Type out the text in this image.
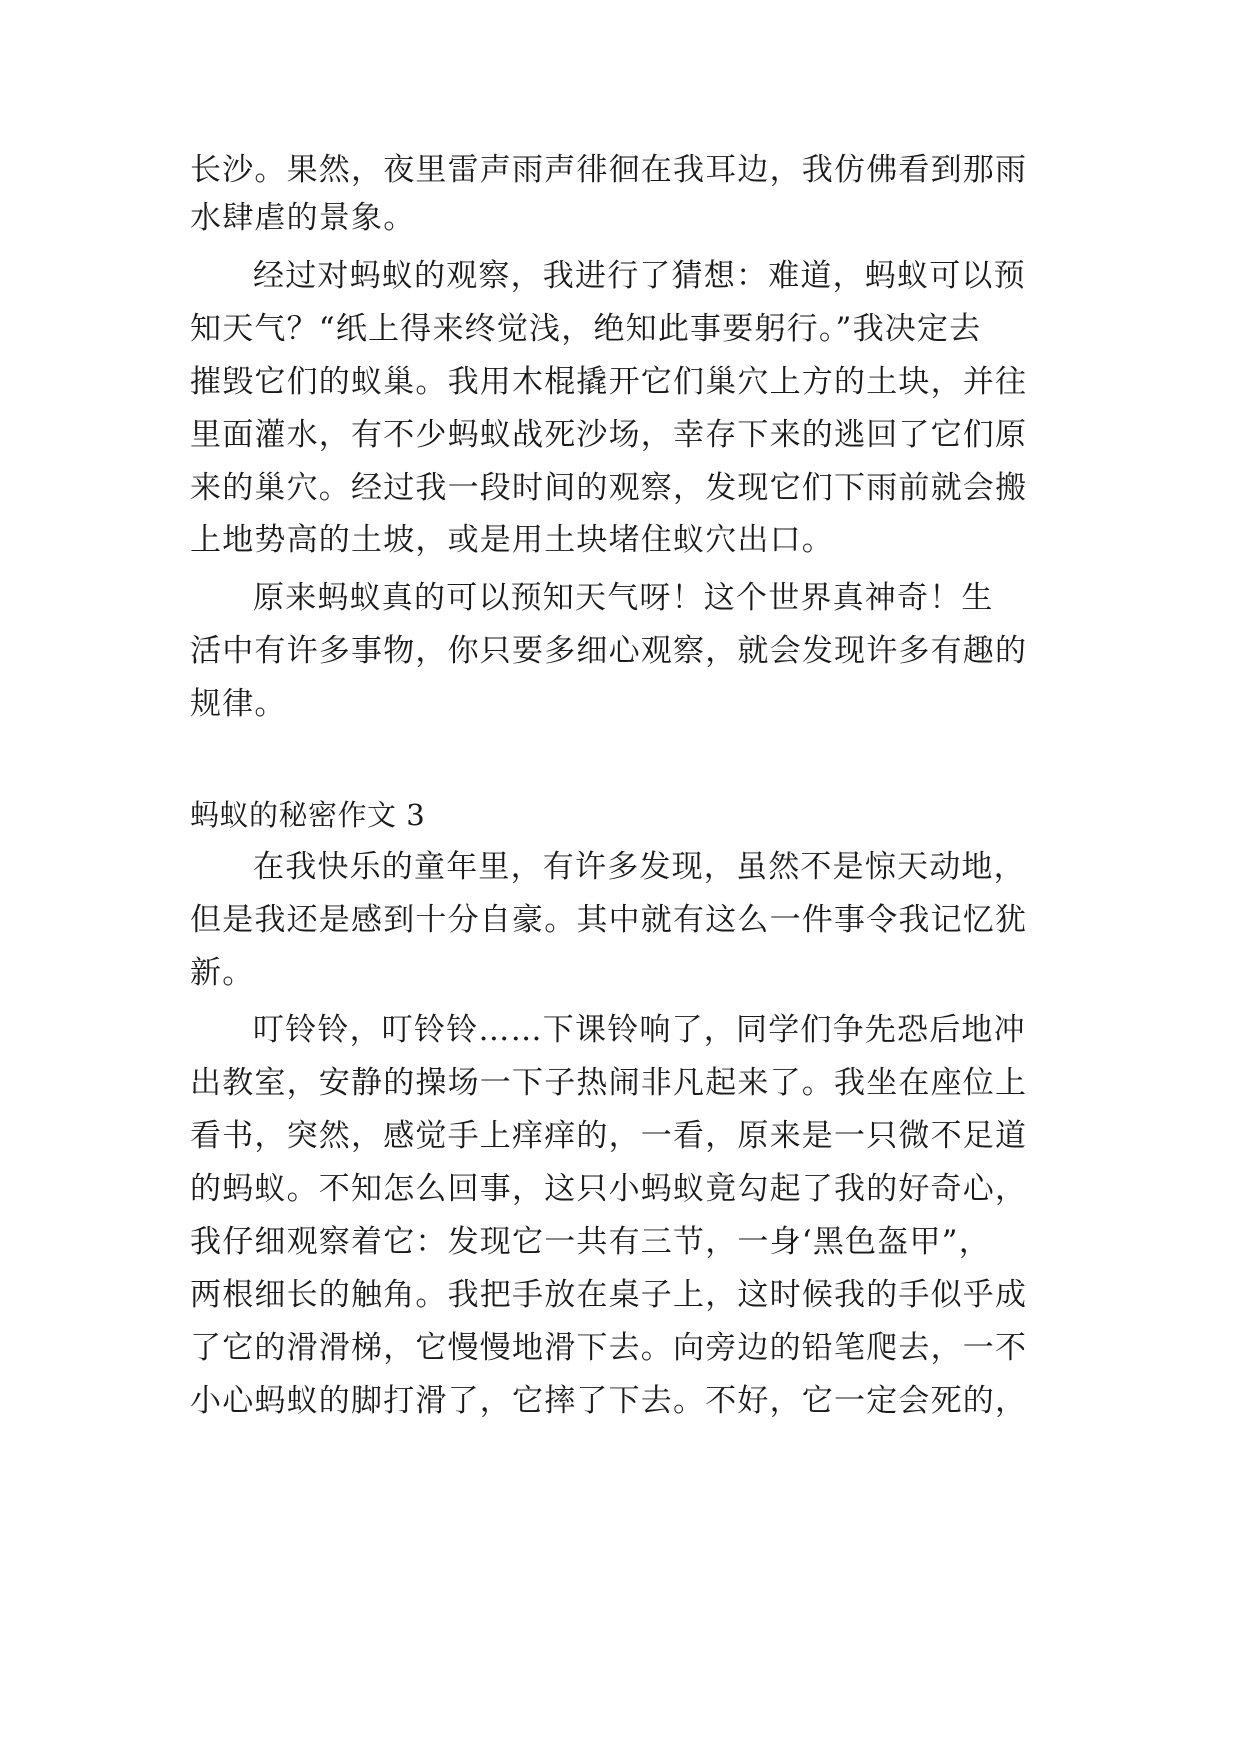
长沙。果然，夜里雷声雨声徘徊在我耳边，我仿佛看到那雨
水肆虐的景象。
经过对蚂蚁的观察，我进行了猜想：难道，蚂蚁可以预
知天气？“纸上得来终觉浅，绝知此事要躬行。”我决定去
摧毁它们的蚁巢。我用木棍撬开它们巢穴上方的土块，并往
里面灌水，有不少蚂蚁战死沙场，幸存下来的逃回了它们原
来的巢穴。经过我一段时间的观察，发现它们下雨前就会搬
上地势高的土坡，或是用土块堵住蚁穴出口。
原来蚂蚁真的可以预知天气呀！这个世界真神奇！生
活中有许多事物，你只要多细心观察，就会发现许多有趣的
规律。
蚂蚁的秘密作文 3
在我快乐的童年里，有许多发现，虽然不是惊天动地，
但是我还是感到十分自豪。其中就有这么一件事令我记忆犹
新。
叮铃铃，叮铃铃……下课铃响了，同学们争先恐后地冲
出教室，安静的操场一下子热闹非凡起来了。我坐在座位上
看书，突然，感觉手上痒痒的，一看，原来是一只微不足道
的蚂蚁。不知怎么回事，这只小蚂蚁竟勾起了我的好奇心，
我仔细观察着它：发现它一共有三节，一身‘黑色盔甲”，
两根细长的触角。我把手放在桌子上，这时候我的手似乎成
了它的滑滑梯，它慢慢地滑下去。向旁边的铅笔爬去，一不
小心蚂蚁的脚打滑了，它摔了下去。不好，它一定会死的，
